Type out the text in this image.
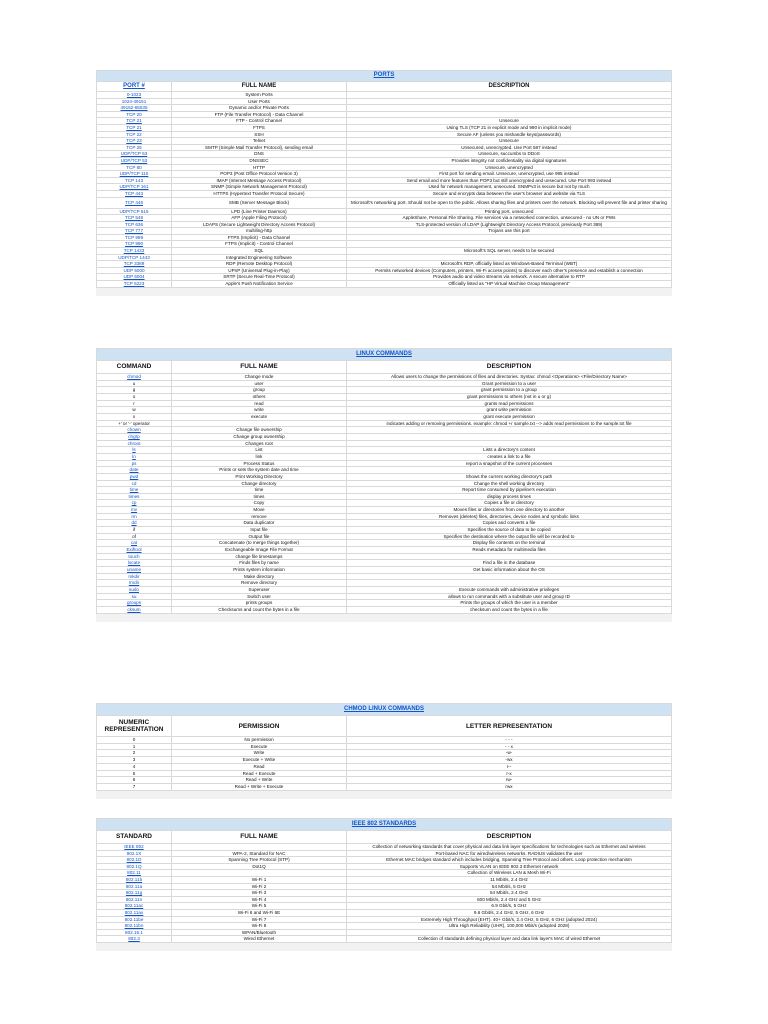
PORTS		
PORT #	FULL NAME	DESCRIPTION
0-1023	System Ports	
1024-49151	User Ports	
49152-65535	Dynamic and/or Private Ports	
TCP 20	FTP (File Transfer Protocol) - Data Channel	
TCP 21	FTP - Control Channel	Unsecure
TCP 21	FTPS	Using TLS (TCP 21 in explicit mode and 990 in implicit mode)
TCP 22	SSH	Secure AF (unless you mishandle keys/passwords)
TCP 23	Telnet	Unsecure
TCP 25	SMTP (Simple Mail Transfer Protocol), sending email	Unsecured, unencrypted. Use Port 587 instead
UDP/TCP 53	DNS	Unsecure, succumbs to DDoS
UDP/TCP 53	DNSSEC	Provides integrity not confidentiality via digital signatures
TCP 80	HTTP	Unsecure, unencrypted
UDP/TCP 110	POP3 (Post Office Protocol Version 3)	First port for sending email. Unsecure, unencrypted, use 995 instead
TCP 143	IMAP (Internet Message Access Protocol)	Send email and more features than POP3 but still unencrypted and unsecured. Use Port 993 instead
UDP/TCP 161	SNMP (Simple Network Management Protocol)	Used for network management, unsecured. SNMPv3 is secure but not by much
TCP 443	HTTPS (Hypertext Transfer Protocol Secure)	Secure and encrypts data between the user's browser and website via TLS
TCP 445	SMB (Server Message Block)	Microsoft's networking port. Should not be open to the public. Allows sharing files and printers over the network. Blocking will prevent file and printer sharing
UDP/TCP 515	LPD (Line Printer Daemon)	Printing port, unsecured
TCP 548	AFP (Apple Filing Protocol)	AppleShare, Personal File Sharing. File services via a networked connection, unsecured - no UN or PWs
TCP 636	LDAPS (Secure Lightweight Directory Access Protocol)	TLS-protected version of LDAP (Lightweight Directory Access Protocol, previously Port 389)
TCP 777	multiling-http	Trojans use this port
TCP 989	FTPS (Implicit) - Data Channel	
TCP 990	FTPS (Implicit) - Control Channel	
TCP 1433	SQL	Microsoft's SQL server, needs to be secured
UDP/TCP 1443	Integrated Engineering Software	
TCP 3389	RDP (Remote Desktop Protocol)	Microsoft's RDP, officially listed as Windows-Based Terminal (WBT)
UDP 5000	UPnP (Universal Plug-in-Play)	Permits networked devices (Computers, printers, Wi-Fi access points) to discover each other's presence and establish a connection
UDP 5004	SRTP (Secure Real-Time Protocol)	Provides audio and video streams via network. A secure alternative to RTP
TCP 5223	Apple's Push Notification Service	Officially listed as "HP Virtual Machine Group Management"
LINUX COMMANDS		
COMMAND	FULL NAME	DESCRIPTION
chmod	Change mode	Allows users to change the permissions of files and directories. Syntax: chmod <Operations> <File/Directory Name>
u	user	Grant permission to a user
g	group	grant permission to a group
o	others	grant permissions to others (not in u or g)
r	read	grants read permissions
w	write	grant write permission
x	execute	grant execute permission
+' or '-' operator		indicates adding or removing permissions. example: chmod +r sample.txt --> adds read permissions to the sample.txt file
chown	Change file ownership	
chgrp	Change group ownership	
chroot	Changes root	
ls	List	Lists a directory's content
ln	link	creates a link to a file
ps	Process Status	report a snapshot of the current processes
date	Prints or sets the system date and time	
pwd	Print Working Directory	Shows the current working directory's path
cd	Change directory	Change the shell working directory
time	time	Report time consumed by pipeline's execution
times	times	display process times
cp	Copy	Copies a file or directory
mv	Move	Moves files or directories from one directory to another
rm	remove	Removes (deletes) files, directories, device nodes and symbolic links
dd	Data duplicator	Copies and converts a file
if	Input file	Specifies the source of data to be copied
of	Output file	Specifies the destination where the output file will be recorded to
cat	Concatenate (to merge things together)	Display file contents on the terminal
Exiftool	Exchangeable Image File Format	Reads metadata for multimedia files
touch	change file timestamps	
locate	Finds files by name	Find a file in the database
uname	Prints system information	Get basic information about the OS
mkdir	Make directory	
rmdir	Remove directory	
sudo	Superuser	Execute commands with administrative privileges
su	Switch user	allows to run commands with a substitute user and group ID
groups	prints groups	Prints the groups of which the user is a member
cksum	Checksums and count the bytes in a file	checksum and count the bytes in a file
CHMOD LINUX COMMANDS		
NUMERIC REPRESENTATION	PERMISSION	LETTER REPRESENTATION
0	No permission	- - -
1	Execute	- - x
2	Write	-w-
3	Execute + Write	-wx
4	Read	r--
5	Read + Execute	r-x
6	Read + Write	rw-
7	Read + Write + Execute	rwx
IEEE 802 STANDARDS		
STANDARD	FULL NAME	DESCRIPTION
IEEE 802		Collection of networking standards that cover physical and data link layer specifications for technologies such as Ethernet and wireless
802.1X	WPA-2, Standard for NAC	Port-based NAC for wired/wireless networks. RADIUS validates the user
802.1D	Spanning Tree Protocol (STP)	Ethernet MAC bridges standard which includes bridging, Spanning Tree Protocol and others. Loop protection mechanism
802.1Q	Dot1Q	Supports VLAN on IEEE 802.3 Ethernet network
802.11		Collection of Wireless LAN & Mesh Wi-Fi
802.11b	Wi-Fi 1	11 Mbit/s, 2.4 GHz
802.11a	Wi-Fi 2	54 Mbit/s, 5 GHz
802.11g	Wi-Fi 3	54 Mbit/s, 2.4 GHz
802.11n	Wi-Fi 4	600 Mbit/s, 2.4 GHz and 5 GHz
802.11ac	Wi-Fi 5	6.9 Gbit/s, 5 GHz
802.11ax	Wi-Fi 6 and Wi-Fi 6E	9.6 Gbit/s, 2.4 GHz, 5 GHz, 6 GHz
802.11be	Wi-Fi 7	Extremely High Throughput (EHT). 40+ Gbit/s, 2.4 GHz, 5 GHz, 6 GHz (adopted 2024)
802.11bn	Wi-Fi 8	Ultra High Reliability (UHR), 100,000 Mbit/s (adopted 2028)
802.15.1	WPAN/Bluetooth	
802.3	Wired Ethernet	Collection of standards defining physical layer and data link layer's MAC of wired Ethernet
